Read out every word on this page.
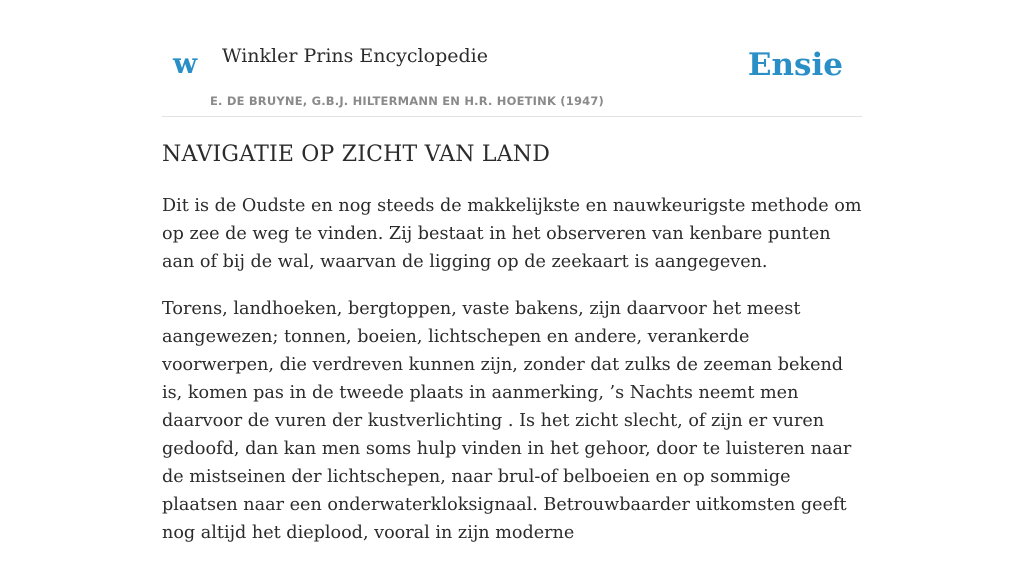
w Winkler Prins Encyclopedie
E. DE BRUYNE, G.B.J. HILTERMANN EN H.R. HOETINK (1947)
Ensie
NAVIGATIE OP ZICHT VAN LAND

Dit is de Oudste en nog steeds de makkelijkste en nauwkeurigste methode om op zee de weg te vinden. Zij bestaat in het observeren van kenbare punten aan of bij de wal, waarvan de ligging op de zeekaart is aangegeven.

Torens, landhoeken, bergtoppen, vaste bakens, zijn daarvoor het meest aangewezen; tonnen, boeien, lichtschepen en andere, verankerde voorwerpen, die verdreven kunnen zijn, zonder dat zulks de zeeman bekend is, komen pas in de tweede plaats in aanmerking, ’s Nachts neemt men daarvoor de vuren der kustverlichting . Is het zicht slecht, of zijn er vuren gedoofd, dan kan men soms hulp vinden in het gehoor, door te luisteren naar de mistseinen der lichtschepen, naar brul-of belboeien en op sommige plaatsen naar een onderwaterkloksignaal. Betrouwbaarder uitkomsten geeft nog altijd het dieplood, vooral in zijn moderne
